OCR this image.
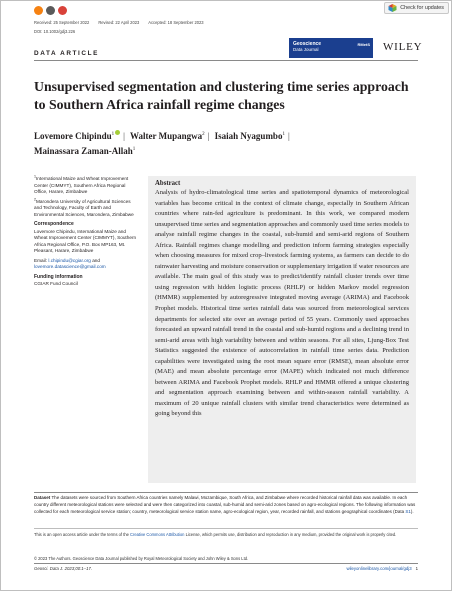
Check for updates
Received: 25 September 2022 Revised: 22 April 2023 Accepted: 18 September 2023
DOI: 10.1002/gdj3.226
DATA ARTICLE
Geoscience
Data Journal
RMetS WILEY
Unsupervised segmentation and clustering time series approach to Southern Africa rainfall regime changes
Lovemore Chipindu$^1$ | Walter Mupangwa$^2$ | Isaiah Nyagumbo$^1$ |
Mainassara Zaman-Allah$^1$

$^1$International Maize and Wheat Improvement Center (CIMMYT), Southern Africa Regional Office, Harare, Zimbabwe

$^2$Marondera University of Agricultural Sciences and Technology, Faculty of Earth and Environmental Sciences, Marondera, Zimbabwe

Correspondence

Lovemore Chipindu, International Maize and Wheat Improvement Center (CIMMYT), Southern Africa Regional Office, P.O. Box MP163, Mt. Pleasant, Harare, Zimbabwe

Email: l.chipindu@cgiar.org and
lovemore.datascience@gmail.com

Funding information

CGIAR Fund Council

Abstract

Analysis of hydro-climatological time series and spatiotemporal dynamics of meteorological variables has become critical in the context of climate change, especially in Southern African countries where rain-fed agriculture is predominant. In this work, we compared modern unsupervised time series and segmentation approaches and commonly used time series models to analyse rainfall regime changes in the coastal, sub-humid and semi-arid regions of Southern Africa. Rainfall regimes change modelling and prediction inform farming strategies especially when choosing measures for mixed crop–livestock farming systems, as farmers can decide to do rainwater harvesting and moisture conservation or supplementary irrigation if water resources are available. The main goal of this study was to predict/identify rainfall cluster trends over time using regression with hidden logistic process (RHLP) or hidden Markov model regression (HMMR) supplemented by autoregressive integrated moving average (ARIMA) and Facebook Prophet models. Historical time series rainfall data was sourced from meteorological services departments for selected site over an average period of 55 years. Commonly used approaches forecasted an upward rainfall trend in the coastal and sub-humid regions and a declining trend in semi-arid areas with high variability between and within seasons. For all sites, Ljung-Box Test Statistics suggested the existence of autocorrelation in rainfall time series data. Prediction capabilities were investigated using the root mean square error (RMSE), mean absolute error (MAE) and mean absolute percentage error (MAPE) which indicated not much difference between ARIMA and Facebook Prophet models. RHLP and HMMR offered a unique clustering and segmentation approach examining between and within-season rainfall variability. A maximum of 20 unique rainfall clusters with similar trend characteristics were determined as going beyond this

Dataset The datasets were sourced from Southern Africa countries namely Malawi, Mozambique, South Africa, and Zimbabwe where recorded historical rainfall data was available. In each country different meteorological stations were selected and were then categorized into coastal, sub-humid and semi-arid zones based on agro-ecological regions. The following information was collected for each meteorological service station; country, meteorological service station name, agro-ecological region, year, recorded rainfall, and stations geographical coordinates (Data S1).

This is an open access article under the terms of the Creative Commons Attribution License, which permits use, distribution and reproduction in any medium, provided the original work is properly cited.

© 2023 The Authors. Geoscience Data Journal published by Royal Meteorological Society and John Wiley & Sons Ltd.

Geosci. Data J. 2023;00:1–17.	wileyonlinelibrary.com/journal/gdj3 1
